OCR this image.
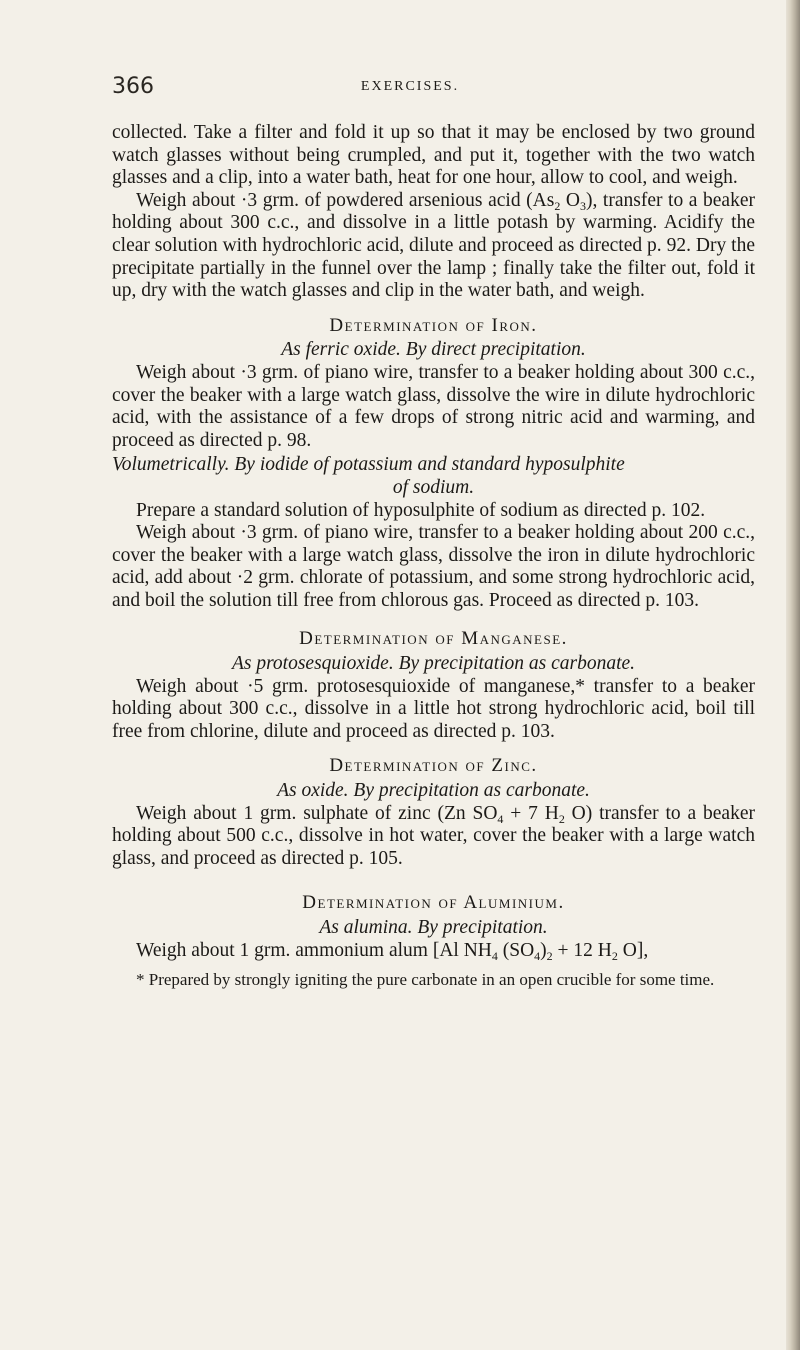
366	EXERCISES.

collected. Take a filter and fold it up so that it may be enclosed by two ground watch glasses without being crumpled, and put it, together with the two watch glasses and a clip, into a water bath, heat for one hour, allow to cool, and weigh.

Weigh about ·3 grm. of powdered arsenious acid ($As_2$ $O_3$), transfer to a beaker holding about 300 c.c., and dissolve in a little potash by warming. Acidify the clear solution with hydrochloric acid, dilute and proceed as directed p. 92. Dry the precipitate partially in the funnel over the lamp ; finally take the filter out, fold it up, dry with the watch glasses and clip in the water bath, and weigh.

Determination of Iron.

As ferric oxide. By direct precipitation.

Weigh about ·3 grm. of piano wire, transfer to a beaker holding about 300 c.c., cover the beaker with a large watch glass, dissolve the wire in dilute hydrochloric acid, with the assistance of a few drops of strong nitric acid and warming, and proceed as directed p. 98.

Volumetrically. By iodide of potassium and standard hyposulphite

of sodium.

Prepare a standard solution of hyposulphite of sodium as directed p. 102.

Weigh about ·3 grm. of piano wire, transfer to a beaker holding about 200 c.c., cover the beaker with a large watch glass, dissolve the iron in dilute hydrochloric acid, add about ·2 grm. chlorate of potassium, and some strong hydrochloric acid, and boil the solution till free from chlorous gas. Proceed as directed p. 103.

Determination of Manganese.

As protosesquioxide. By precipitation as carbonate.

Weigh about ·5 grm. protosesquioxide of manganese,* transfer to a beaker holding about 300 c.c., dissolve in a little hot strong hydrochloric acid, boil till free from chlorine, dilute and proceed as directed p. 103.

Determination of Zinc.

As oxide. By precipitation as carbonate.

Weigh about 1 grm. sulphate of zinc (Zn $SO_4 + 7$ $H_2$ O) transfer to a beaker holding about 500 c.c., dissolve in hot water, cover the beaker with a large watch glass, and proceed as directed p. 105.

Determination of Aluminium.

As alumina. By precipitation.

Weigh about 1 grm. ammonium alum [Al $NH_4$ $(SO_4)_2 + 12$ $H_2$ O],

* Prepared by strongly igniting the pure carbonate in an open crucible for some time.
